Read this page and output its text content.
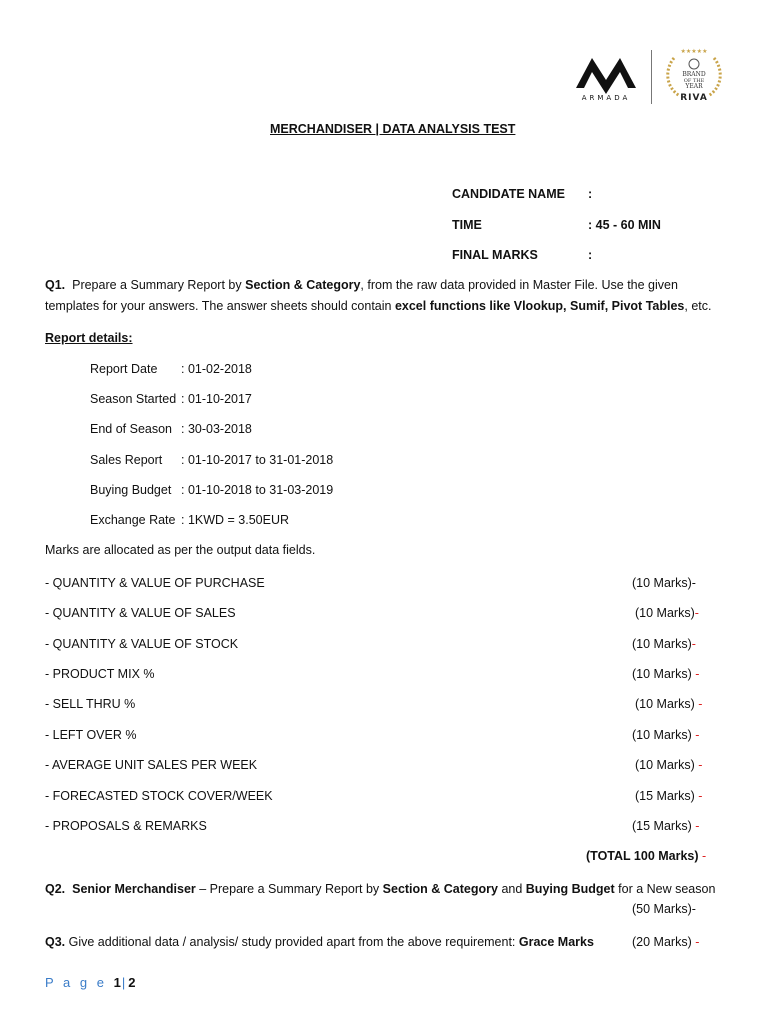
ARMADA
★★★★★
BRAND
OF THE
YEAR
RIVA
MERCHANDISER | DATA ANALYSIS TEST
CANDIDATE NAME :
TIME	: 45 - 60 MIN
FINAL MARKS	:
Q1. Prepare a Summary Report by Section & Category, from the raw data provided in Master File. Use the given
templates for your answers. The answer sheets should contain excel functions like Vlookup, Sumif, Pivot Tables, etc.
Report details:
Report Date : 01-02-2018
Season Started : 01-10-2017
End of Season : 30-03-2018
Sales Report : 01-10-2017 to 31-01-2018
Buying Budget : 01-10-2018 to 31-03-2019
Exchange Rate : 1KWD = 3.50EUR
Marks are allocated as per the output data fields.
- QUANTITY & VALUE OF PURCHASE	(10 Marks)-
- QUANTITY & VALUE OF SALES	(10 Marks)-
- QUANTITY & VALUE OF STOCK	(10 Marks)-
- PRODUCT MIX %	(10 Marks) -
- SELL THRU %	(10 Marks) -
- LEFT OVER %	(10 Marks) -
- AVERAGE UNIT SALES PER WEEK	(10 Marks) -
- FORECASTED STOCK COVER/WEEK	(15 Marks) -
- PROPOSALS & REMARKS	(15 Marks) -
(TOTAL 100 Marks) -
Q2. Senior Merchandiser – Prepare a Summary Report by Section & Category and Buying Budget for a New season
(50 Marks)-
Q3. Give additional data / analysis/ study provided apart from the above requirement: Grace Marks	(20 Marks) -
P a g e 1|2
